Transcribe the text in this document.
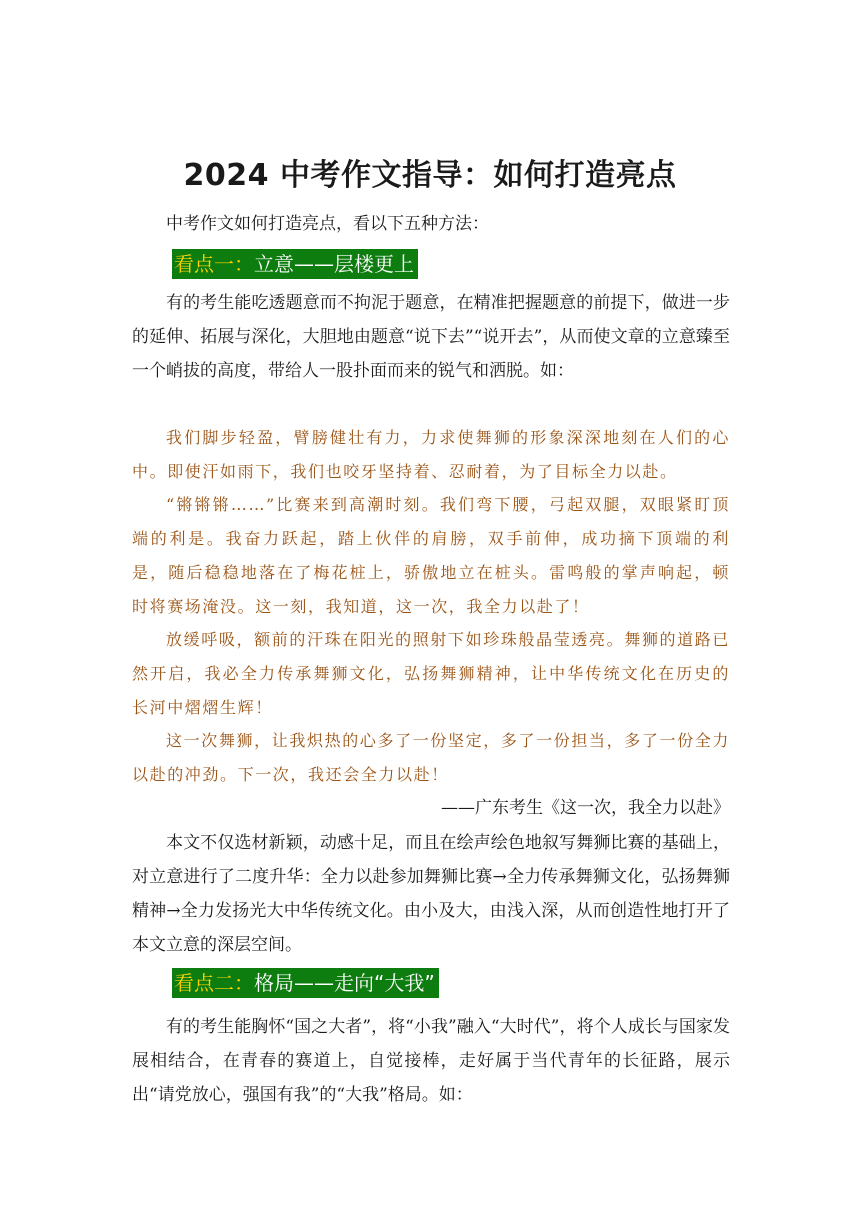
2024 中考作文指导：如何打造亮点

中考作文如何打造亮点，看以下五种方法：

看点一：立意——层楼更上

有的考生能吃透题意而不拘泥于题意，在精准把握题意的前提下，做进一步的延伸、拓展与深化，大胆地由题意“说下去”“说开去”，从而使文章的立意臻至一个峭拔的高度，带给人一股扑面而来的锐气和洒脱。如：

我们脚步轻盈，臂膀健壮有力，力求使舞狮的形象深深地刻在人们的心中。即使汗如雨下，我们也咬牙坚持着、忍耐着，为了目标全力以赴。

“锵锵锵……”比赛来到高潮时刻。我们弯下腰，弓起双腿，双眼紧盯顶端的利是。我奋力跃起，踏上伙伴的肩膀，双手前伸，成功摘下顶端的利是，随后稳稳地落在了梅花桩上，骄傲地立在桩头。雷鸣般的掌声响起，顿时将赛场淹没。这一刻，我知道，这一次，我全力以赴了！

放缓呼吸，额前的汗珠在阳光的照射下如珍珠般晶莹透亮。舞狮的道路已然开启，我必全力传承舞狮文化，弘扬舞狮精神，让中华传统文化在历史的长河中熠熠生辉！

这一次舞狮，让我炽热的心多了一份坚定，多了一份担当，多了一份全力以赴的冲劲。下一次，我还会全力以赴！

——广东考生《这一次，我全力以赴》

本文不仅选材新颖，动感十足，而且在绘声绘色地叙写舞狮比赛的基础上，对立意进行了二度升华：全力以赴参加舞狮比赛→全力传承舞狮文化，弘扬舞狮精神→全力发扬光大中华传统文化。由小及大，由浅入深，从而创造性地打开了本文立意的深层空间。

看点二：格局——走向“大我”

有的考生能胸怀“国之大者”，将“小我”融入“大时代”，将个人成长与国家发展相结合，在青春的赛道上，自觉接棒，走好属于当代青年的长征路，展示出“请党放心，强国有我”的“大我”格局。如：
